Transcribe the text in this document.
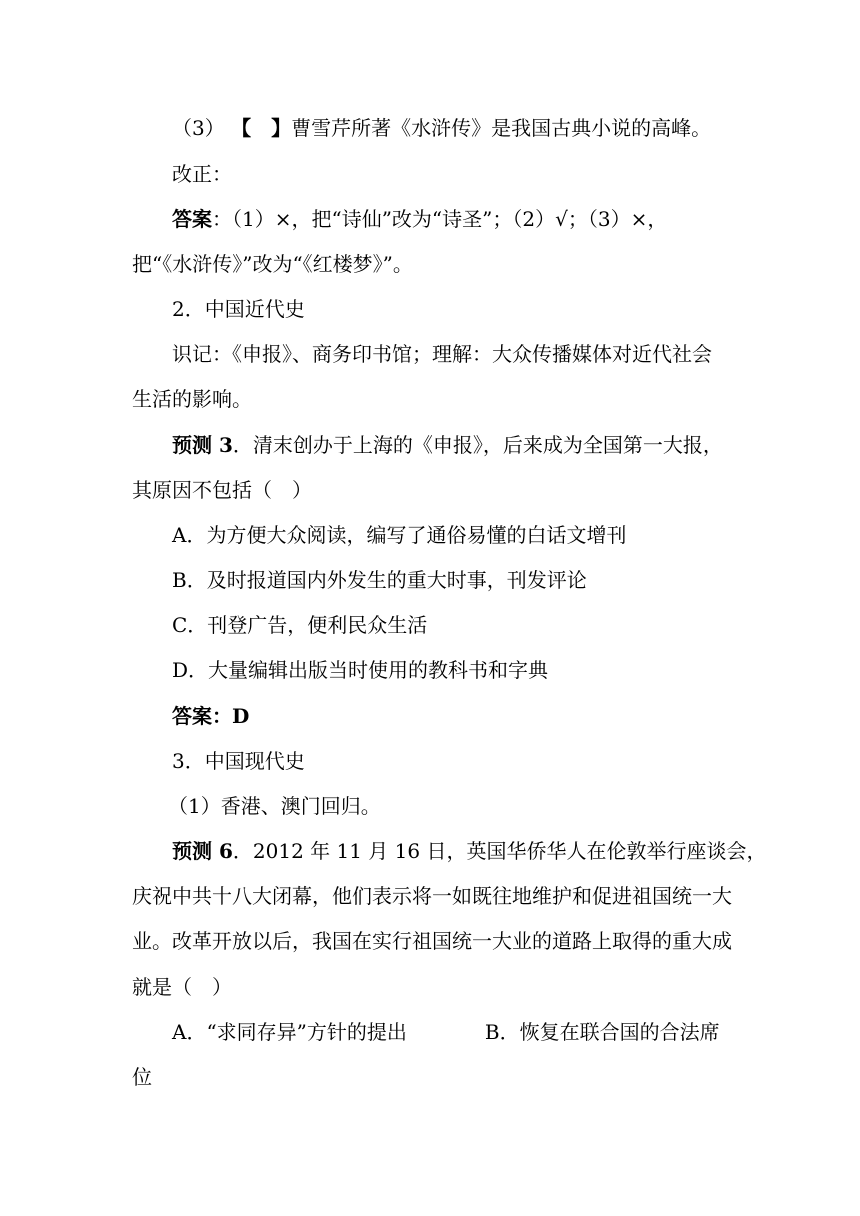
（3） 【　 】曹雪芹所著《水浒传》是我国古典小说的高峰。
改正：
答案：（1）×，把“诗仙”改为“诗圣”；（2）√；（3）×，
把“《水浒传》”改为“《红楼梦》”。
2．中国近代史
识记：《申报》、商务印书馆；理解：大众传播媒体对近代社会
生活的影响。
预测 3．清末创办于上海的《申报》，后来成为全国第一大报，
其原因不包括（　）
A．为方便大众阅读，编写了通俗易懂的白话文增刊
B．及时报道国内外发生的重大时事，刊发评论
C．刊登广告，便利民众生活
D．大量编辑出版当时使用的教科书和字典
答案：D
3．中国现代史
（1）香港、澳门回归。
预测 6．2012 年 11 月 16 日，英国华侨华人在伦敦举行座谈会，
庆祝中共十八大闭幕，他们表示将一如既往地维护和促进祖国统一大
业。改革开放以后，我国在实行祖国统一大业的道路上取得的重大成
就是（　）
A．“求同存异”方针的提出	B．恢复在联合国的合法席
位
